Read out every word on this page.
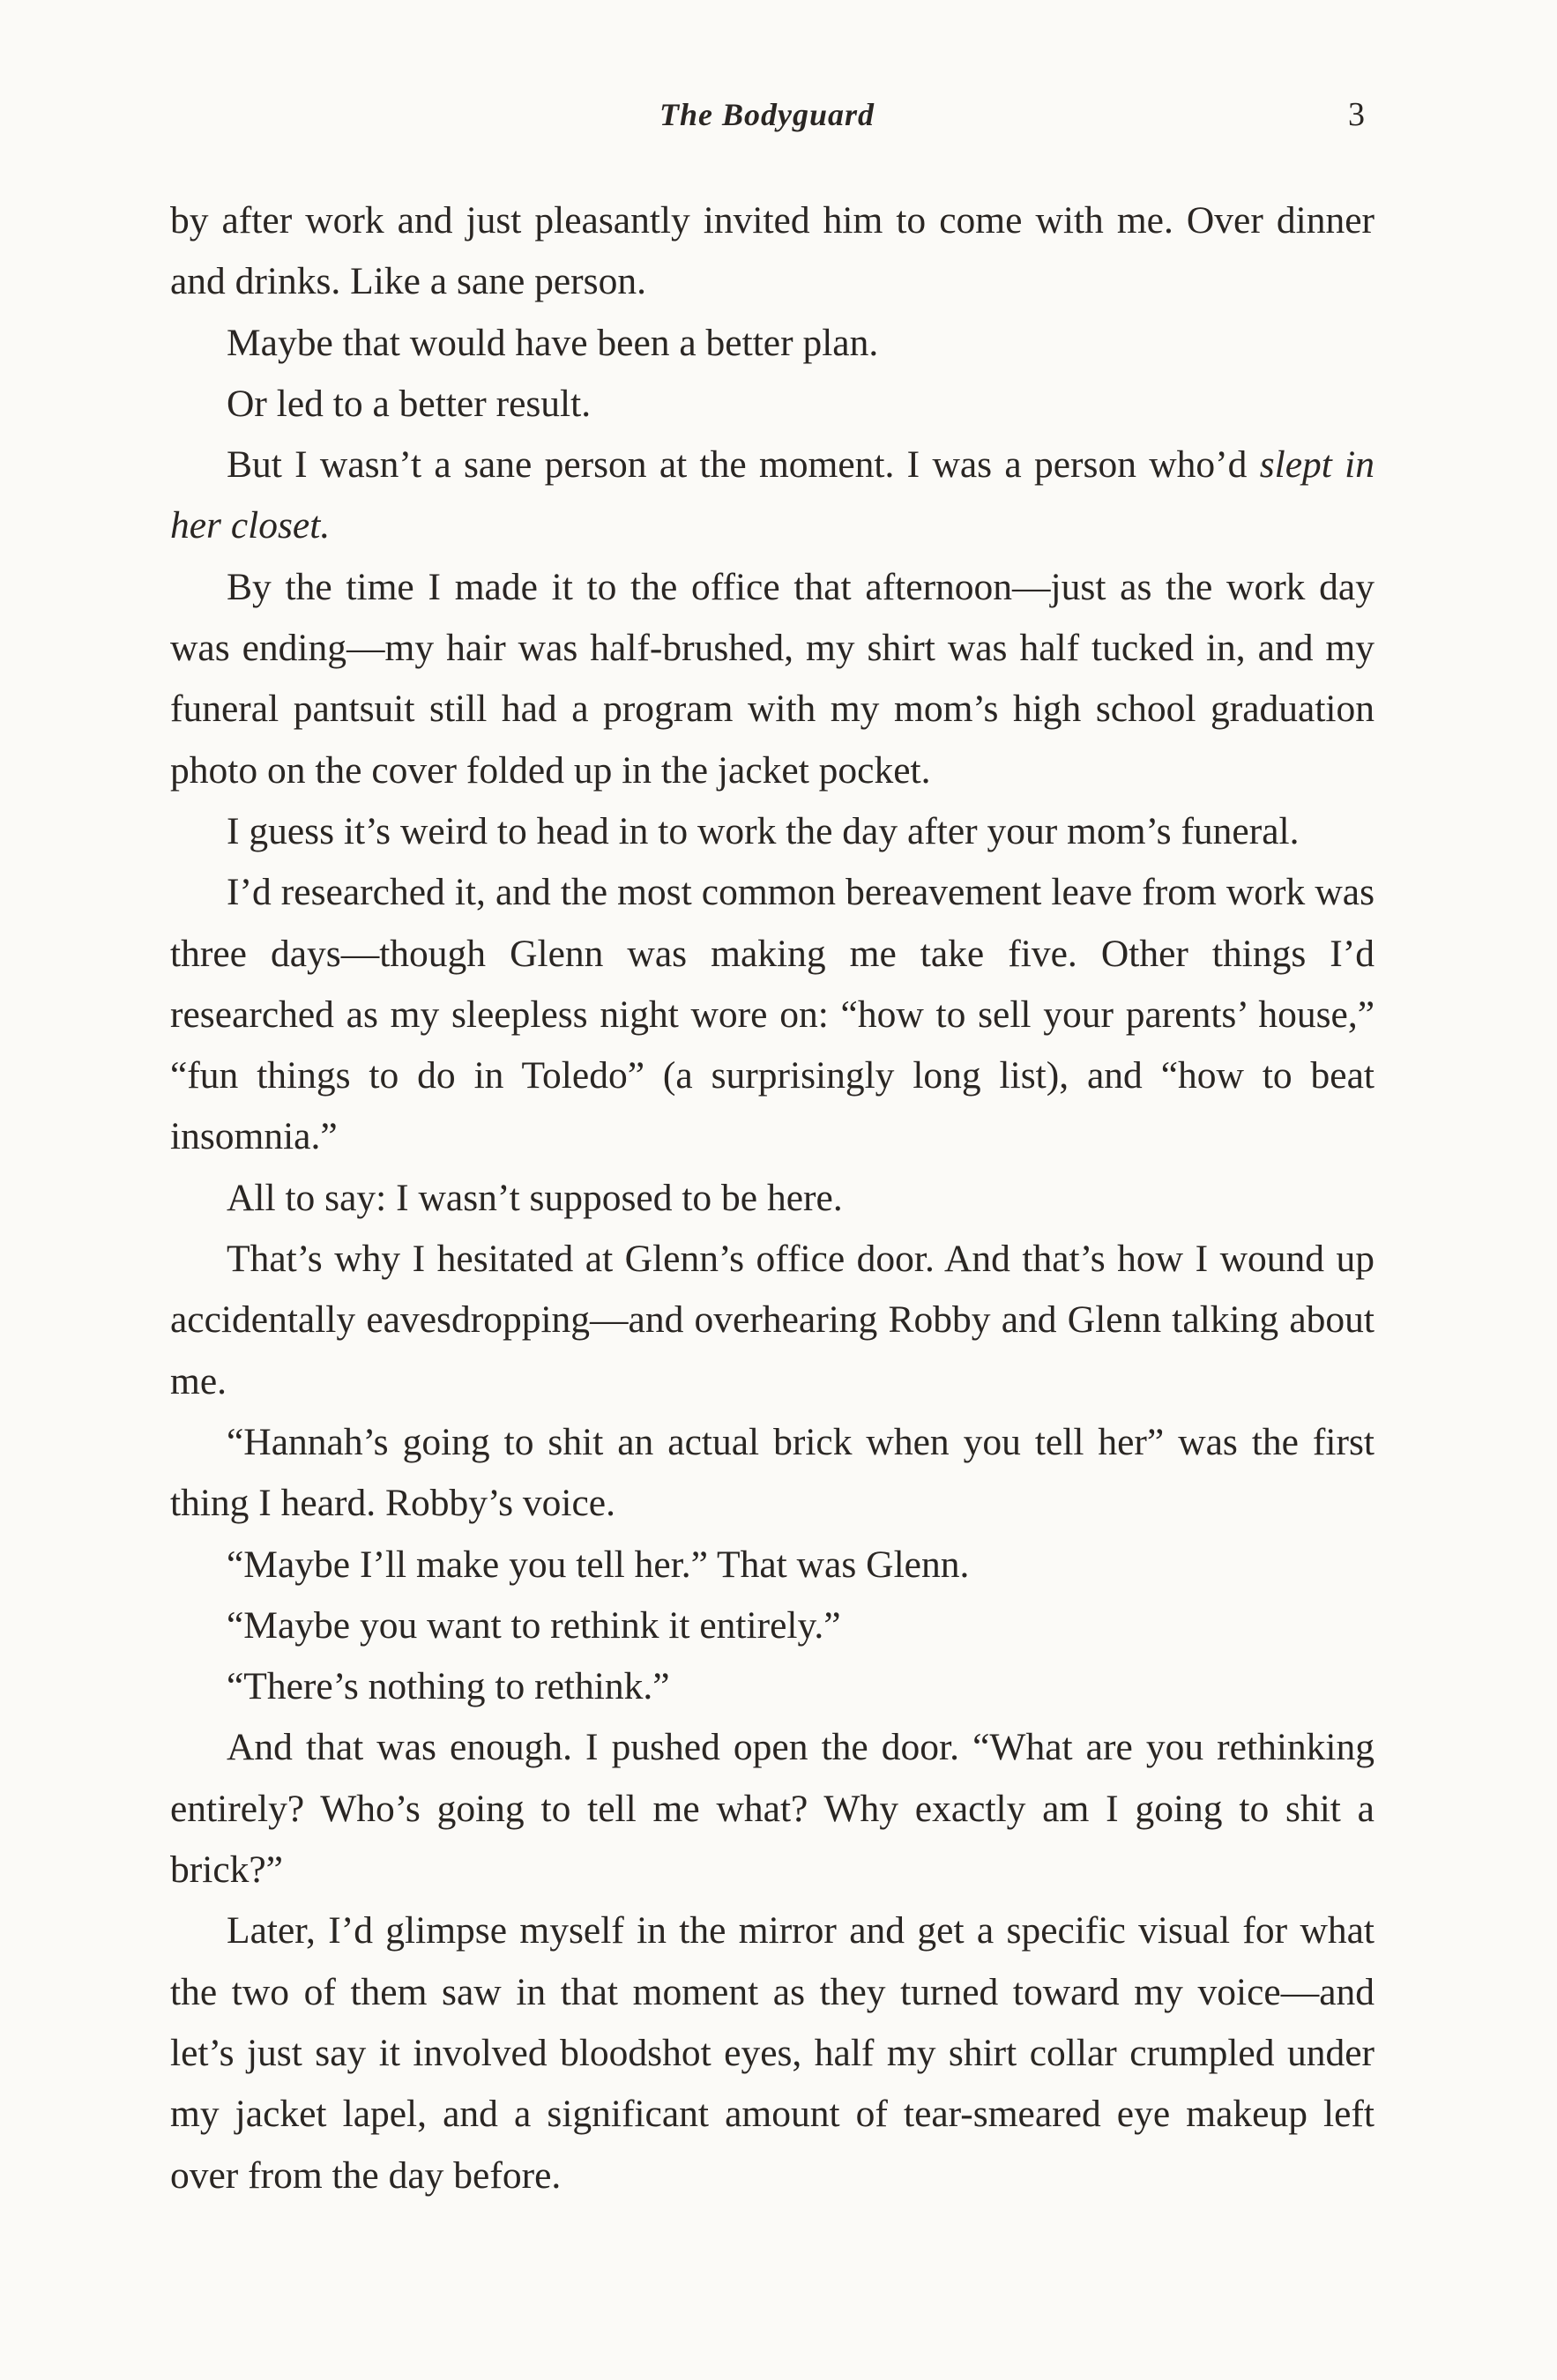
The Bodyguard	3

by after work and just pleasantly invited him to come with me. Over dinner and drinks. Like a sane person.

Maybe that would have been a better plan.

Or led to a better result.

But I wasn’t a sane person at the moment. I was a person who’d slept in her closet.

By the time I made it to the office that afternoon—just as the work day was ending—my hair was half-brushed, my shirt was half tucked in, and my funeral pantsuit still had a program with my mom’s high school graduation photo on the cover folded up in the jacket pocket.

I guess it’s weird to head in to work the day after your mom’s funeral.

I’d researched it, and the most common bereavement leave from work was three days—though Glenn was making me take five. Other things I’d researched as my sleepless night wore on: “how to sell your parents’ house,” “fun things to do in Toledo” (a surprisingly long list), and “how to beat insomnia.”

All to say: I wasn’t supposed to be here.

That’s why I hesitated at Glenn’s office door. And that’s how I wound up accidentally eavesdropping—and overhearing Robby and Glenn talking about me.

“Hannah’s going to shit an actual brick when you tell her” was the first thing I heard. Robby’s voice.

“Maybe I’ll make you tell her.” That was Glenn.

“Maybe you want to rethink it entirely.”

“There’s nothing to rethink.”

And that was enough. I pushed open the door. “What are you rethinking entirely? Who’s going to tell me what? Why exactly am I going to shit a brick?”

Later, I’d glimpse myself in the mirror and get a specific visual for what the two of them saw in that moment as they turned toward my voice—and let’s just say it involved bloodshot eyes, half my shirt collar crumpled under my jacket lapel, and a significant amount of tear-smeared eye makeup left over from the day before.
